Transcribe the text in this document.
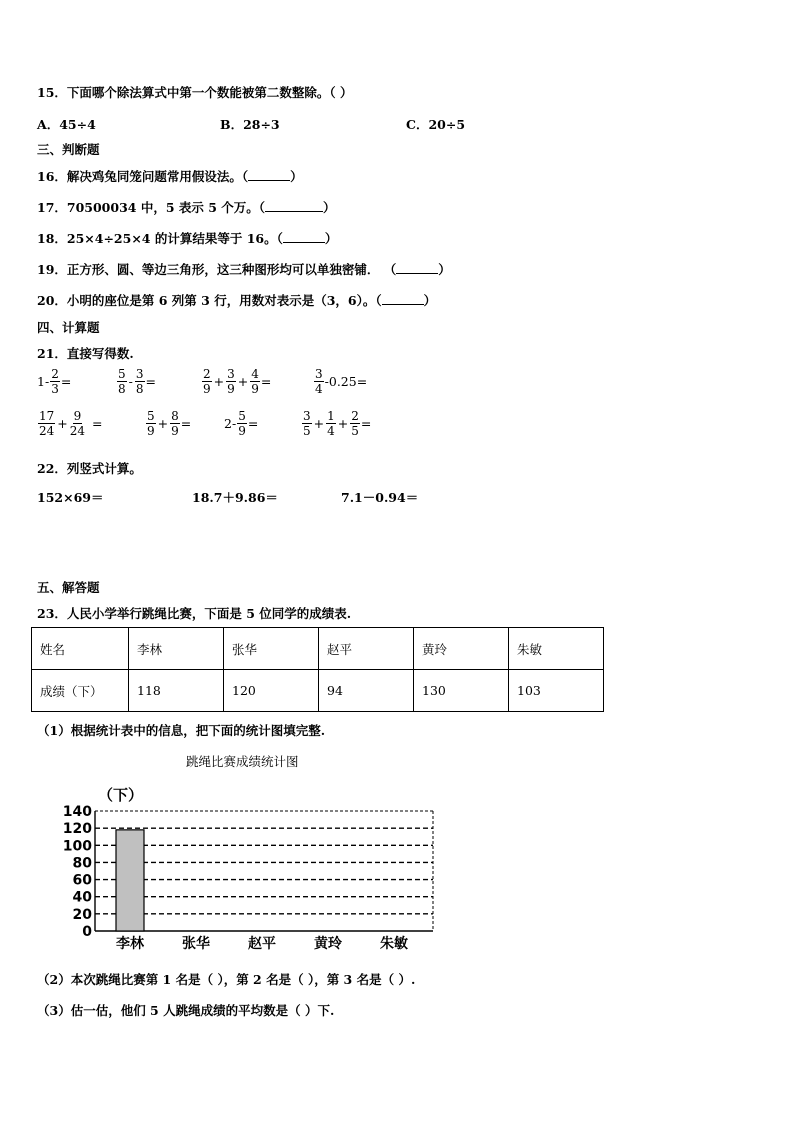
15．下面哪个除法算式中第一个数能被第二数整除。（ ）
A．45÷4	B．28÷3	C．20÷5
三、判断题
16．解决鸡兔同笼问题常用假设法。（	）
17．70500034 中，5 表示 5 个万。（	）
18．25×4÷25×4 的计算结果等于 16。（	）
19．正方形、圆、等边三角形，这三种图形均可以单独密铺． （	）
20．小明的座位是第 6 列第 3 行，用数对表示是（3，6）。（	）
四、计算题
21．直接写得数.
$1- \frac{2}{3}$ =	$\frac{5}{8} - \frac{3}{8}$ =	$\frac{2}{9} + \frac{3}{9} + \frac{4}{9}$ =	$\frac{3}{4} -0.25=$
$\frac{17}{24} + \frac{9}{24}$ =	$\frac{5}{9} + \frac{8}{9}$ =	$2- \frac{5}{9}$ =	$\frac{3}{5} + \frac{1}{4} + \frac{2}{5}$ =
22．列竖式计算。
152×69＝	18.7＋9.86＝	7.1－0.94＝
五、解答题
23．人民小学举行跳绳比赛，下面是 5 位同学的成绩表.
姓名	李林	张华	赵平	黄玲	朱敏
成绩（下）	118	120	94	130	103
（1）根据统计表中的信息，把下面的统计图填完整.
跳绳比赛成绩统计图
（下）
0
20
40
60
80
100
120
140
李林	张华	赵平	黄玲	朱敏
（2）本次跳绳比赛第 1 名是（ ），第 2 名是（ ），第 3 名是（ ）.
（3）估一估，他们 5 人跳绳成绩的平均数是（ ）下.
